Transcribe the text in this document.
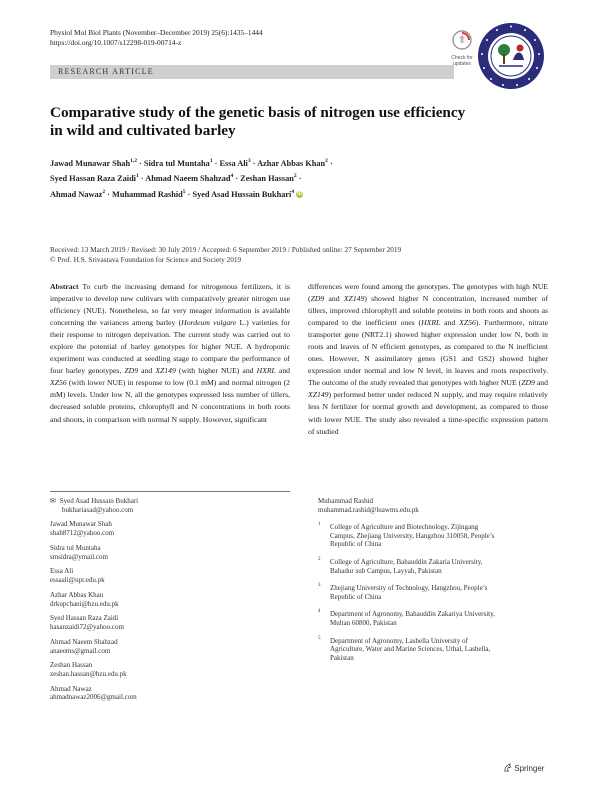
Physiol Mol Biol Plants (November–December 2019) 25(6):1435–1444
https://doi.org/10.1007/s12298-019-00714-z
RESEARCH ARTICLE
Check for
updates
Comparative study of the genetic basis of nitrogen use efficiency
in wild and cultivated barley
Jawad Munawar Shah$^{1,2}$ · Sidra tul Muntaha$^1$ · Essa Ali$^3$ · Azhar Abbas Khan$^2$ ·
Syed Hassan Raza Zaidi$^1$ · Ahmad Naeem Shahzad$^4$ · Zeshan Hassan$^2$ ·
Ahmad Nawaz$^2$ · Muhammad Rashid$^5$ · Syed Asad Hussain Bukhari$^4$ iD
Received: 13 March 2019 / Revised: 30 July 2019 / Accepted: 6 September 2019 / Published online: 27 September 2019
© Prof. H.S. Srivastava Foundation for Science and Society 2019

Abstract To curb the increasing demand for nitrogenous fertilizers, it is imperative to develop new cultivars with comparatively greater nitrogen use efficiency (NUE). Nonetheless, so far very meager information is available concerning the variances among barley (Hordeum vulgare L.) varieties for their response to nitrogen deprivation. The current study was carried out to explore the potential of barley genotypes for higher NUE. A hydroponic experiment was conducted at seedling stage to compare the performance of four barley genotypes, ZD9 and XZ149 (with higher NUE) and HXRL and XZ56 (with lower NUE) in response to low (0.1 mM) and normal nitrogen (2 mM) levels. Under low N, all the genotypes expressed less number of tillers, decreased soluble proteins, chlorophyll and N concentrations in both roots and shoots, in comparison with normal N supply. However, significant

differences were found among the genotypes. The genotypes with high NUE (ZD9 and XZ149) showed higher N concentration, increased number of tillers, improved chlorophyll and soluble proteins in both roots and shoots as compared to the inefficient ones (HXRL and XZ56). Furthermore, nitrate transporter gene (NRT2.1) showed higher expression under low N, both in roots and leaves of N efficient genotypes, as compared to the N inefficient ones. However, N assimilatory genes (GS1 and GS2) showed higher expression under normal and low N level, in leaves and roots respectively. The outcome of the study revealed that genotypes with higher NUE (ZD9 and XZ149) performed better under reduced N supply, and may require relatively less N fertilizer for normal growth and development, as compared to those with lower NUE. The study also revealed a time-specific expression pattern of studied

✉ Syed Asad Hussain Bukhari
bukhariasad@yahoo.com
Jawad Munawar Shah
shah8712@yahoo.com
Sidra tul Muntaha
smsidra@ymail.com
Essa Ali
essaali@upr.edu.pk
Azhar Abbas Khan
drkupchani@bzu.edu.pk
Syed Hassan Raza Zaidi
hasanzaidi72@yahoo.com
Ahmad Naeem Shahzad
anaeems@gmail.com
Zeshan Hassan
zeshan.hassan@bzu.edu.pk
Ahmad Nawaz
ahmadnawaz2006@gmail.com
Muhammad Rashid
muhammad.rashid@luawms.edu.pk
1 College of Agriculture and Biotechnology, Zijingang
Campus, Zhejiang University, Hangzhou 310058, People’s
Republic of China
2 College of Agriculture, Bahauddin Zakaria University,
Bahadur sub Campus, Layyah, Pakistan
3 Zhejiang University of Technology, Hangzhou, People’s
Republic of China
4 Department of Agronomy, Bahauddin Zakariya University,
Multan 60800, Pakistan
5 Department of Agronomy, Lasbella University of
Agriculture, Water and Marine Sciences, Uthal, Lasbella,
Pakistan
Springer
